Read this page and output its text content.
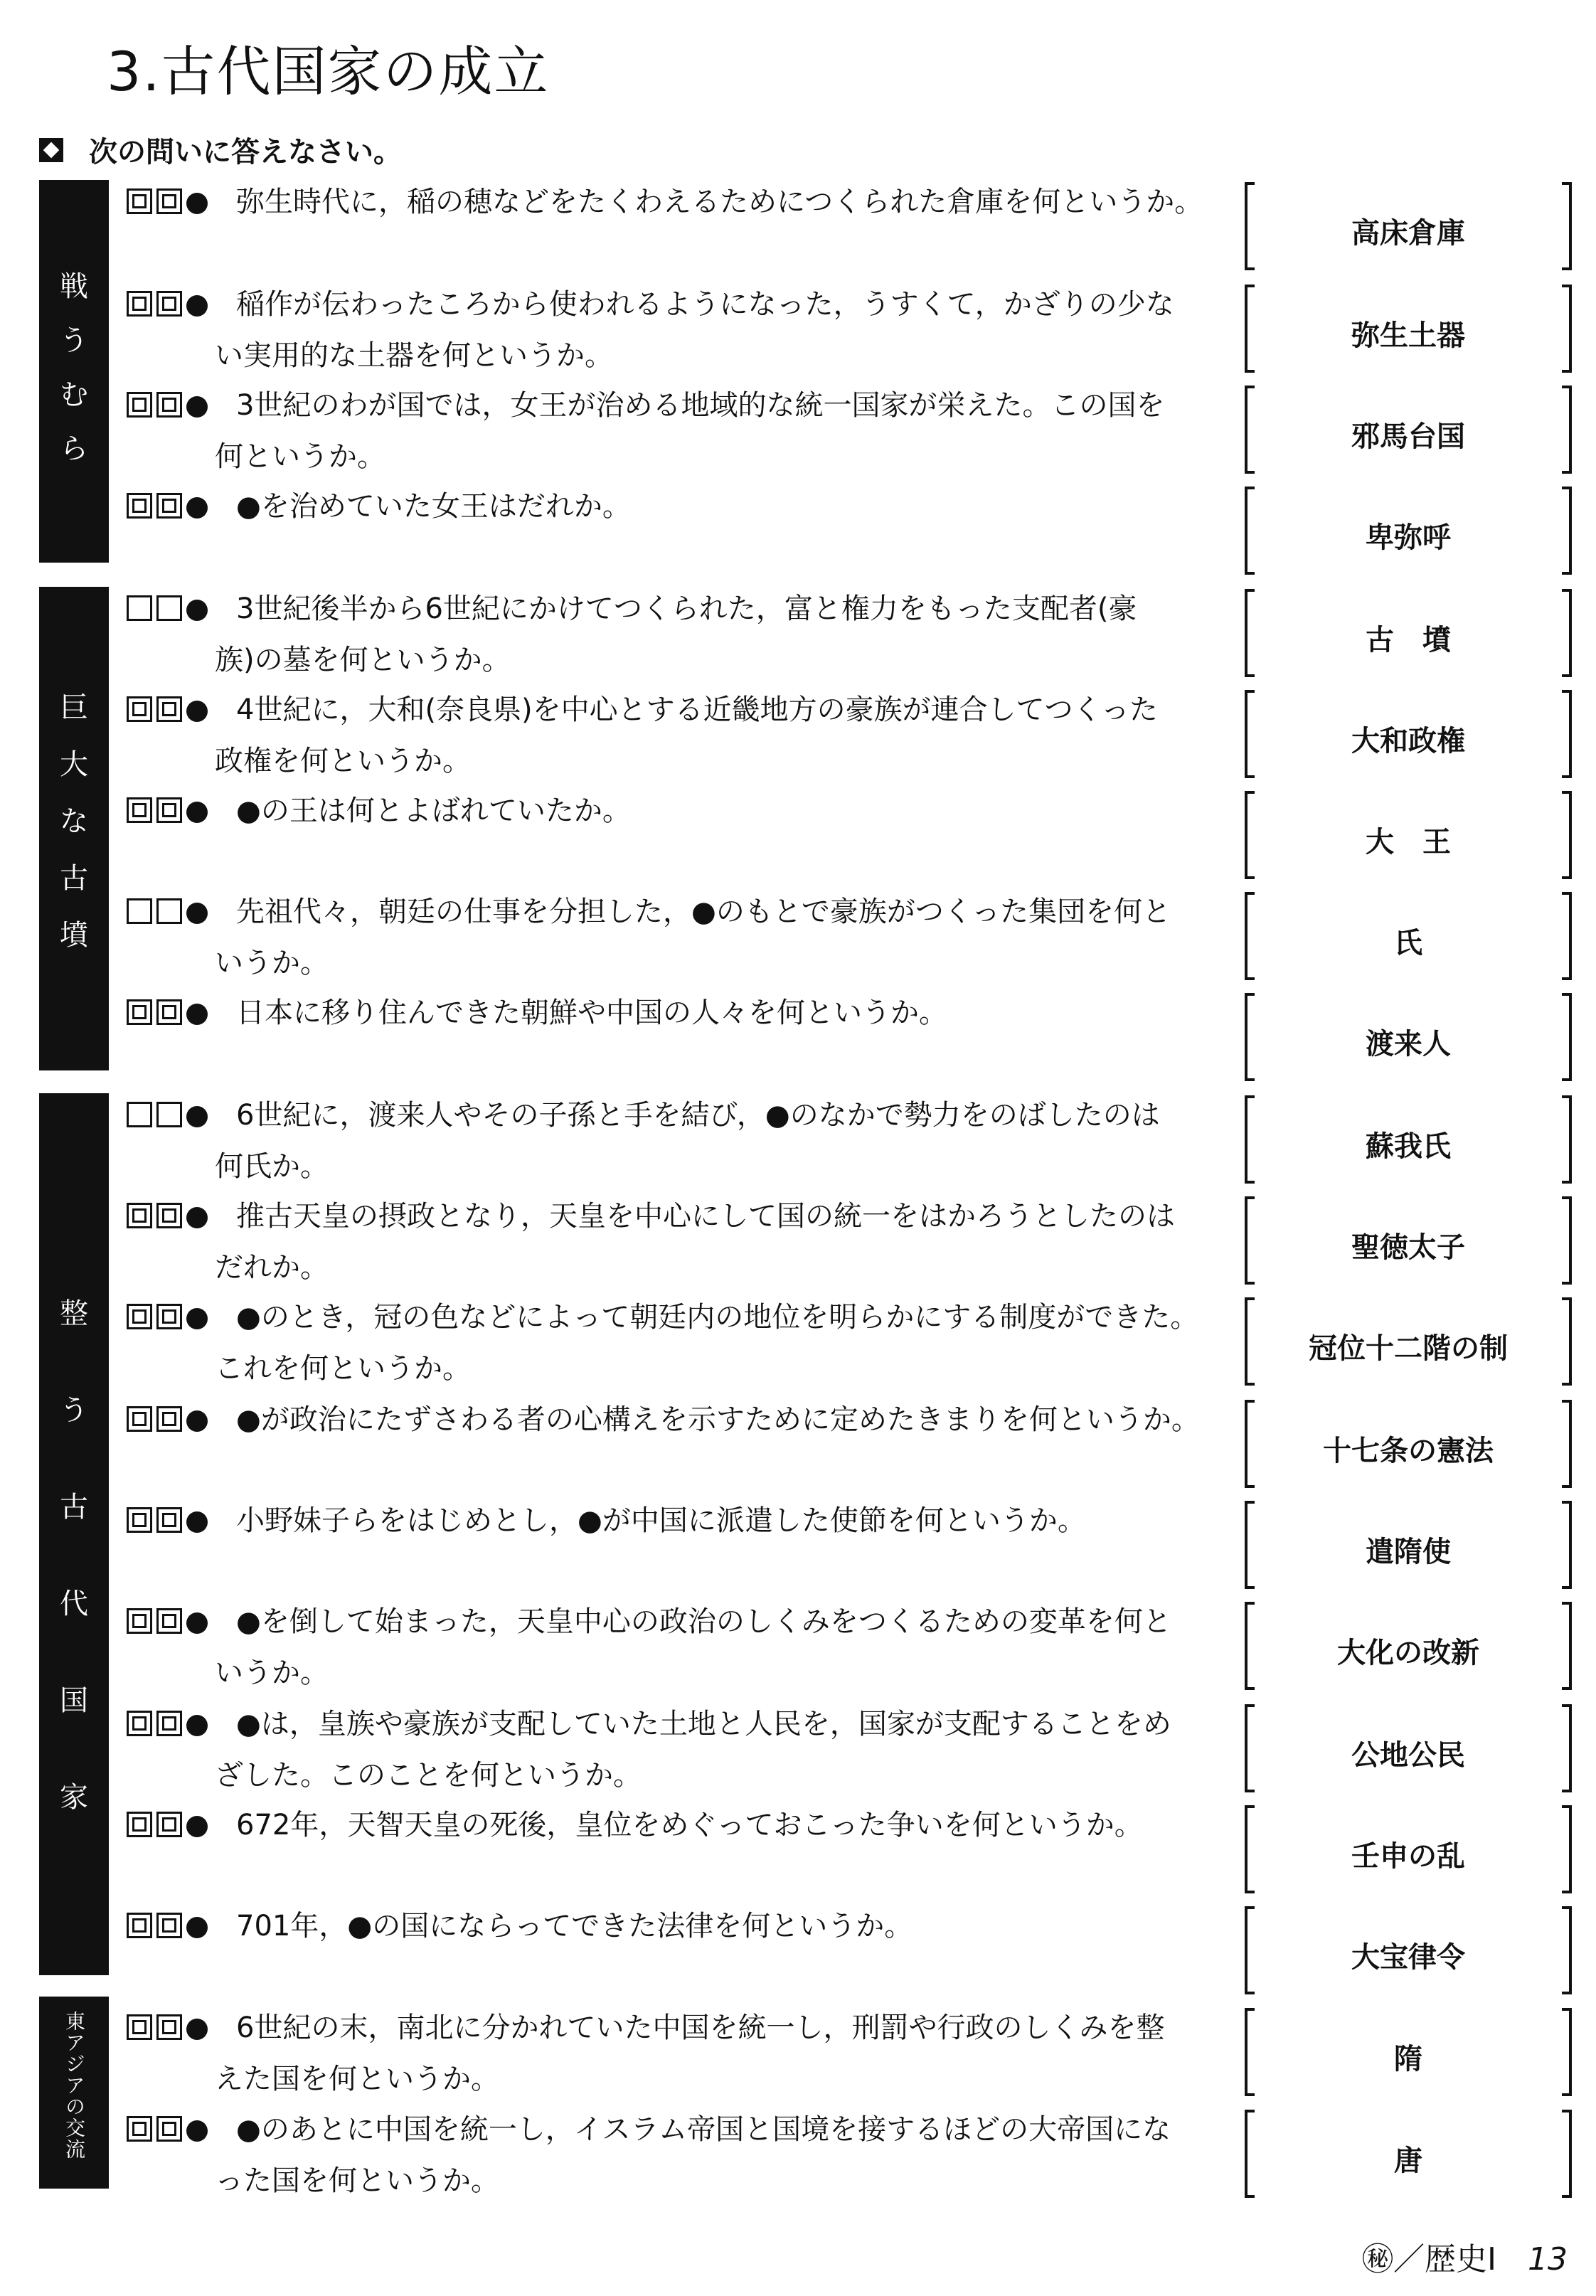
3.古代国家の成立
次の問いに答えなさい。
戦
う
む
ら
巨
大
な
古
墳
整
う
古
代
国
家
東アジアの交流
弥生時代に，稲の穂などをたくわえるためにつくられた倉庫を何というか。
高床倉庫
稲作が伝わったころから使われるようになった，うすくて，かざりの少な
い実用的な土器を何というか。
弥生土器
3世紀のわが国では，女王が治める地域的な統一国家が栄えた。この国を
何というか。
邪馬台国
●を治めていた女王はだれか。
卑弥呼
3世紀後半から6世紀にかけてつくられた，富と権力をもった支配者(豪
族)の墓を何というか。
古　墳
4世紀に，大和(奈良県)を中心とする近畿地方の豪族が連合してつくった
政権を何というか。
大和政権
●の王は何とよばれていたか。
大　王
先祖代々，朝廷の仕事を分担した，●のもとで豪族がつくった集団を何と
いうか。
氏
日本に移り住んできた朝鮮や中国の人々を何というか。
渡来人
6世紀に，渡来人やその子孫と手を結び，●のなかで勢力をのばしたのは
何氏か。
蘇我氏
推古天皇の摂政となり，天皇を中心にして国の統一をはかろうとしたのは
だれか。
聖徳太子
●のとき，冠の色などによって朝廷内の地位を明らかにする制度ができた。
これを何というか。
冠位十二階の制
●が政治にたずさわる者の心構えを示すために定めたきまりを何というか。
十七条の憲法
小野妹子らをはじめとし，●が中国に派遣した使節を何というか。
遣隋使
●を倒して始まった，天皇中心の政治のしくみをつくるための変革を何と
いうか。
大化の改新
●は，皇族や豪族が支配していた土地と人民を，国家が支配することをめ
ざした。このことを何というか。
公地公民
672年，天智天皇の死後，皇位をめぐっておこった争いを何というか。
壬申の乱
701年，●の国にならってできた法律を何というか。
大宝律令
6世紀の末，南北に分かれていた中国を統一し，刑罰や行政のしくみを整
えた国を何というか。
隋
●のあとに中国を統一し，イスラム帝国と国境を接するほどの大帝国にな
った国を何というか。
唐
㊙／歴史Ⅰ 13
